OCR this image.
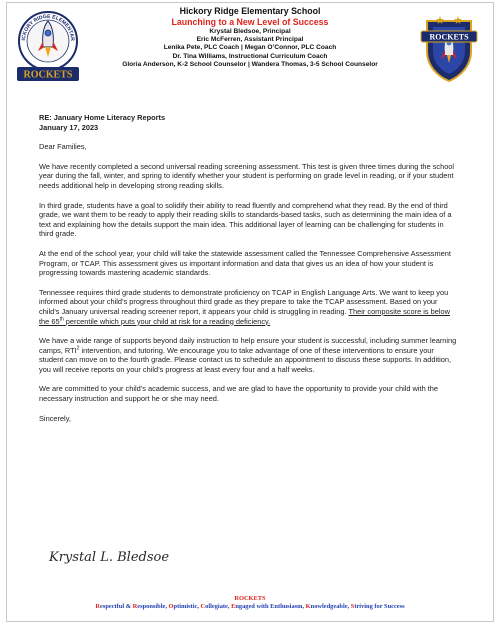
ICKORY RIDGE ELEMENTAR
ROCKETS
Hickory Ridge Elementary School
Launching to a New Level of Success
Krystal Bledsoe, Principal
Eric McFerren, Assistant Principal
Lenika Pete, PLC Coach | Megan O’Connor, PLC Coach
Dr. Tina Williams, Instructional Curriculum Coach
Gloria Anderson, K-2 School Counselor | Wandera Thomas, 3-5 School Counselor
ROCKETS
RE: January Home Literacy Reports
January 17, 2023

Dear Families,

We have recently completed a second universal reading screening assessment. This test is given three times during the school year during the fall, winter, and spring to identify whether your student is performing on grade level in reading, or if your student needs additional help in developing strong reading skills.

In third grade, students have a goal to solidify their ability to read fluently and comprehend what they read. By the end of third grade, we want them to be ready to apply their reading skills to standards-based tasks, such as determining the main idea of a text and explaining how the details support the main idea. This additional layer of learning can be challenging for students in third grade.

At the end of the school year, your child will take the statewide assessment called the Tennessee Comprehensive Assessment Program, or TCAP. This assessment gives us important information and data that gives us an idea of how your student is progressing towards mastering academic standards.

Tennessee requires third grade students to demonstrate proficiency on TCAP in English Language Arts. We want to keep you informed about your child’s progress throughout third grade as they prepare to take the TCAP assessment. Based on your child’s January universal reading screener report, it appears your child is struggling in reading. Their composite score is below the 65th percentile which puts your child at risk for a reading deficiency.

We have a wide range of supports beyond daily instruction to help ensure your student is successful, including summer learning camps, RTI$^2$ intervention, and tutoring. We encourage you to take advantage of one of these interventions to ensure your student can move on to the fourth grade. Please contact us to schedule an appointment to discuss these supports. In addition, you will receive reports on your child’s progress at least every four and a half weeks.

We are committed to your child’s academic success, and we are glad to have the opportunity to provide your child with the necessary instruction and support he or she may need.

Sincerely,

Krystal L. Bledsoe
ROCKETS
Respectful & Responsible, Optimistic, Collegiate, Engaged with Enthusiasm, Knowledgeable, Striving for Success
